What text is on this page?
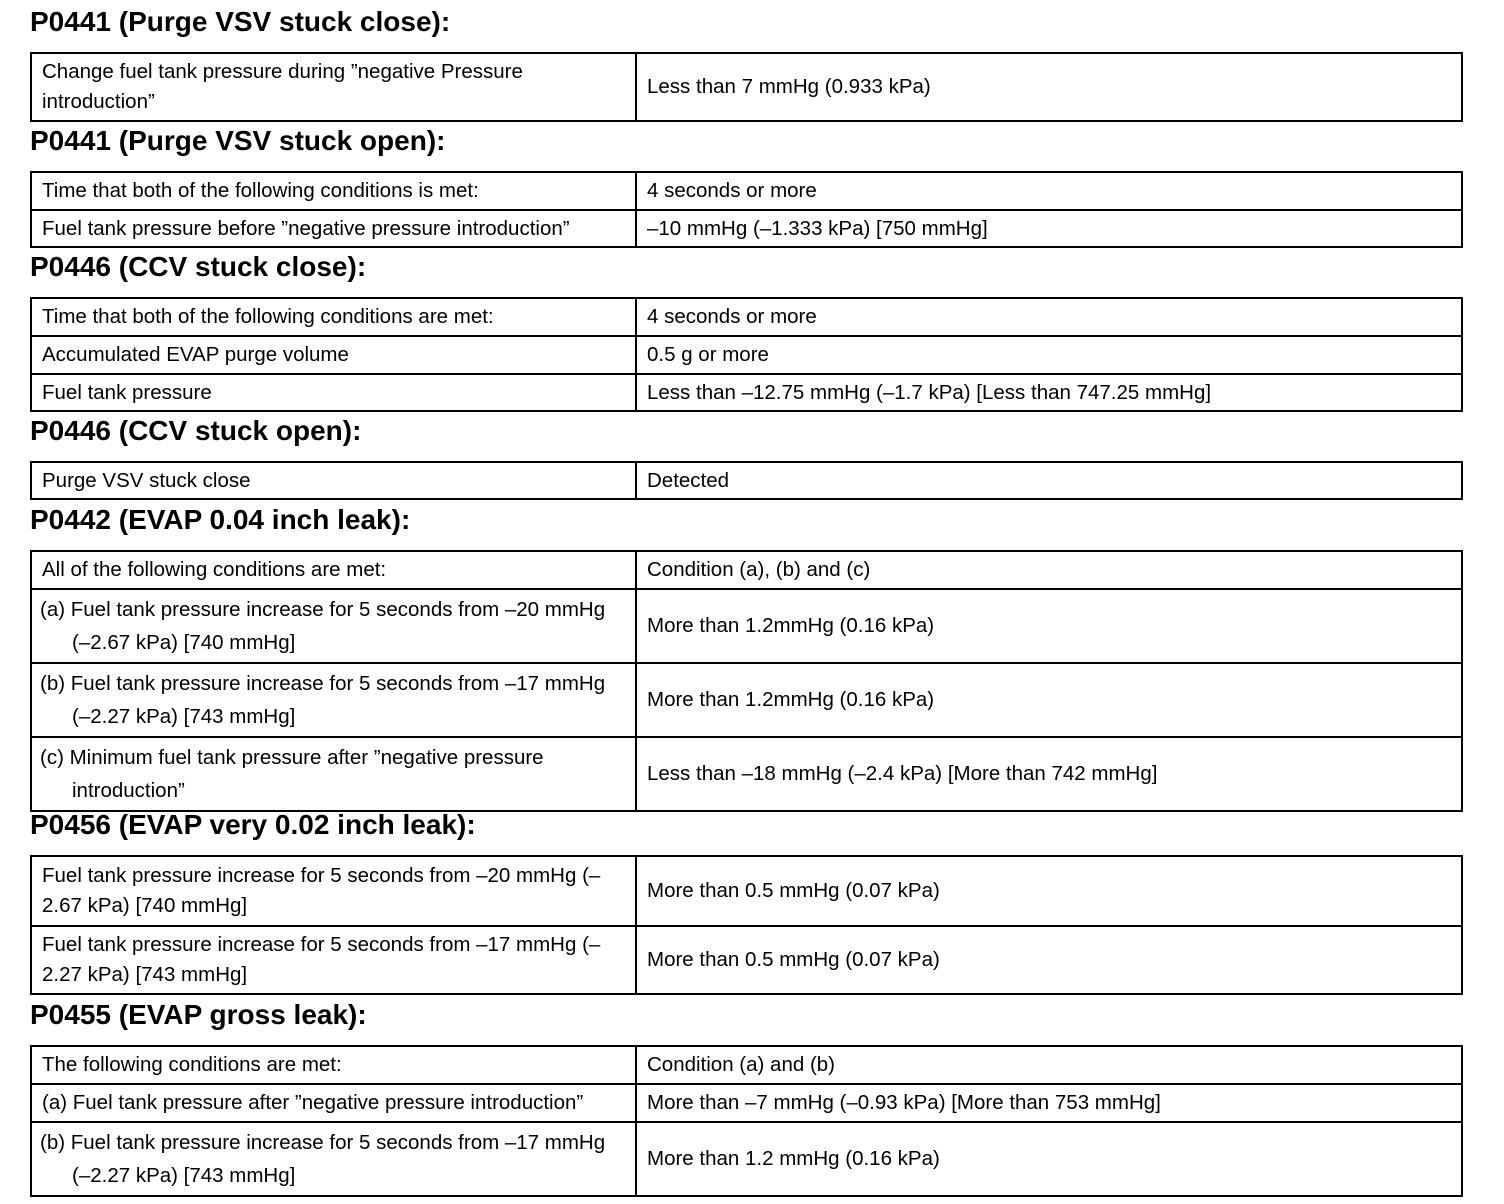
P0441 (Purge VSV stuck close):
Change fuel tank pressure during ”negative Pressure introduction”	Less than 7 mmHg (0.933 kPa)
P0441 (Purge VSV stuck open):
Time that both of the following conditions is met:	4 seconds or more
Fuel tank pressure before ”negative pressure introduction”	–10 mmHg (–1.333 kPa) [750 mmHg]
P0446 (CCV stuck close):
Time that both of the following conditions are met:	4 seconds or more
Accumulated EVAP purge volume	0.5 g or more
Fuel tank pressure	Less than –12.75 mmHg (–1.7 kPa) [Less than 747.25 mmHg]
P0446 (CCV stuck open):
Purge VSV stuck close	Detected
P0442 (EVAP 0.04 inch leak):
All of the following conditions are met:	Condition (a), (b) and (c)
(a) Fuel tank pressure increase for 5 seconds from –20 mmHg (–2.67 kPa) [740 mmHg]	More than 1.2mmHg (0.16 kPa)
(b) Fuel tank pressure increase for 5 seconds from –17 mmHg (–2.27 kPa) [743 mmHg]	More than 1.2mmHg (0.16 kPa)
(c) Minimum fuel tank pressure after ”negative pressure introduction”	Less than –18 mmHg (–2.4 kPa) [More than 742 mmHg]
P0456 (EVAP very 0.02 inch leak):
Fuel tank pressure increase for 5 seconds from –20 mmHg (–2.67 kPa) [740 mmHg]	More than 0.5 mmHg (0.07 kPa)
Fuel tank pressure increase for 5 seconds from –17 mmHg (–2.27 kPa) [743 mmHg]	More than 0.5 mmHg (0.07 kPa)
P0455 (EVAP gross leak):
The following conditions are met:	Condition (a) and (b)
(a) Fuel tank pressure after ”negative pressure introduction”	More than –7 mmHg (–0.93 kPa) [More than 753 mmHg]
(b) Fuel tank pressure increase for 5 seconds from –17 mmHg (–2.27 kPa) [743 mmHg]	More than 1.2 mmHg (0.16 kPa)
